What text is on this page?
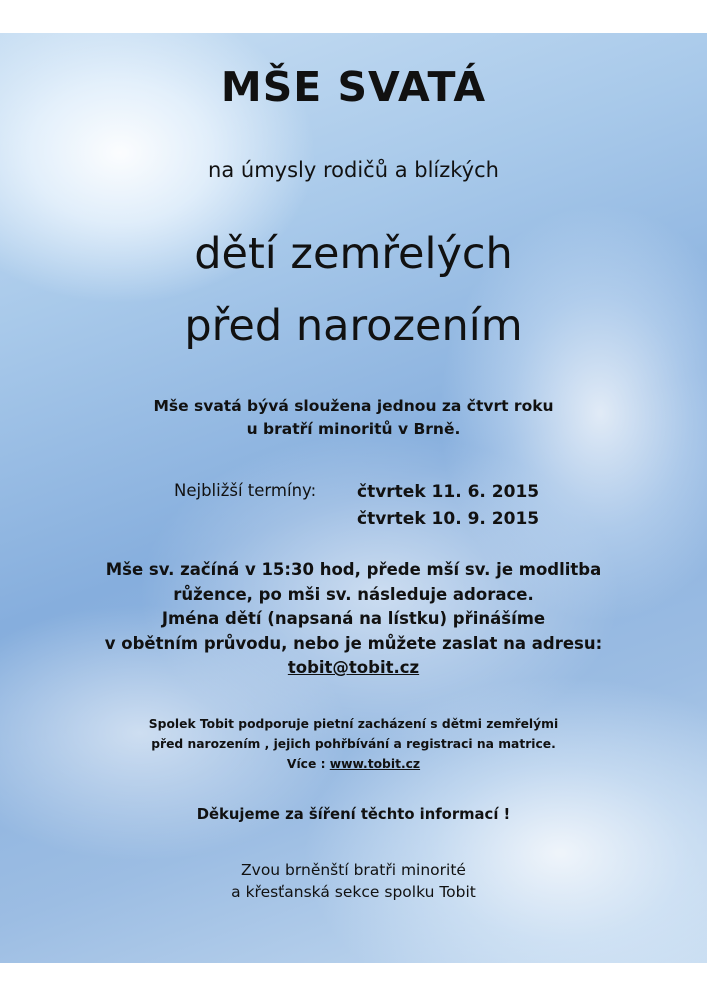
MŠE SVATÁ
na úmysly rodičů a blízkých
dětí zemřelých
před narozením
Mše svatá bývá sloužena jednou za čtvrt roku
u bratří minoritů v Brně.
Nejbližší termíny: čtvrtek 11. 6. 2015
čtvrtek 10. 9. 2015
Mše sv. začíná v 15:30 hod, přede mší sv. je modlitba
růžence, po mši sv. následuje adorace.
Jména dětí (napsaná na lístku) přinášíme
v obětním průvodu, nebo je můžete zaslat na adresu:
tobit@tobit.cz
Spolek Tobit podporuje pietní zacházení s dětmi zemřelými
před narozením , jejich pohřbívání a registraci na matrice.
Více : www.tobit.cz
Děkujeme za šíření těchto informací !
Zvou brněnští bratři minorité
a křesťanská sekce spolku Tobit
